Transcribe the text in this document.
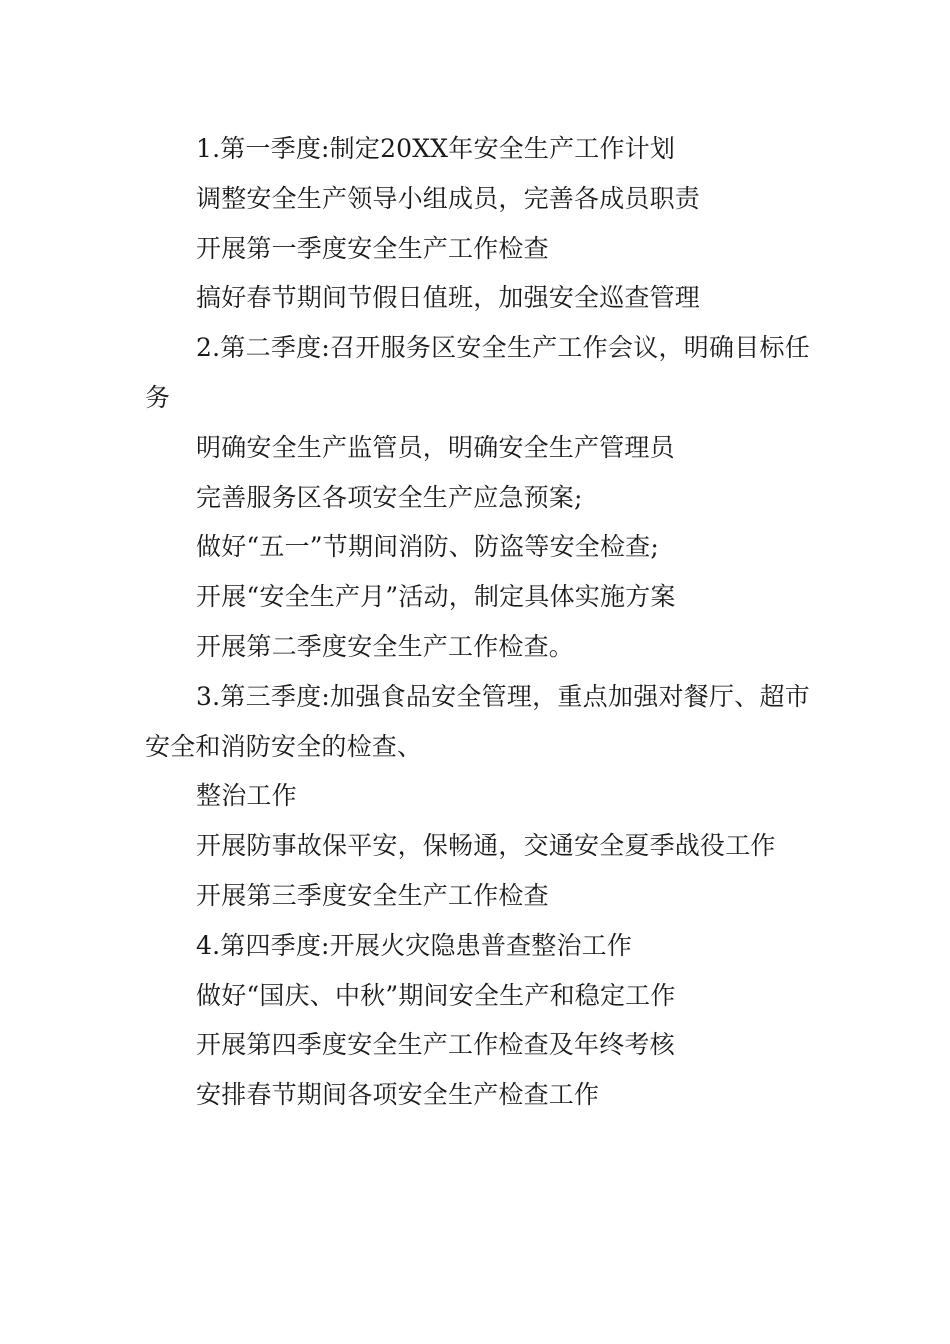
1.第一季度:制定20XX年安全生产工作计划

调整安全生产领导小组成员，完善各成员职责

开展第一季度安全生产工作检查

搞好春节期间节假日值班，加强安全巡查管理

2.第二季度:召开服务区安全生产工作会议，明确目标任务

明确安全生产监管员，明确安全生产管理员

完善服务区各项安全生产应急预案;

做好“五一”节期间消防、防盗等安全检查;

开展“安全生产月”活动，制定具体实施方案

开展第二季度安全生产工作检查。

3.第三季度:加强食品安全管理，重点加强对餐厅、超市安全和消防安全的检查、

整治工作

开展防事故保平安，保畅通，交通安全夏季战役工作

开展第三季度安全生产工作检查

4.第四季度:开展火灾隐患普查整治工作

做好“国庆、中秋”期间安全生产和稳定工作

开展第四季度安全生产工作检查及年终考核

安排春节期间各项安全生产检查工作
